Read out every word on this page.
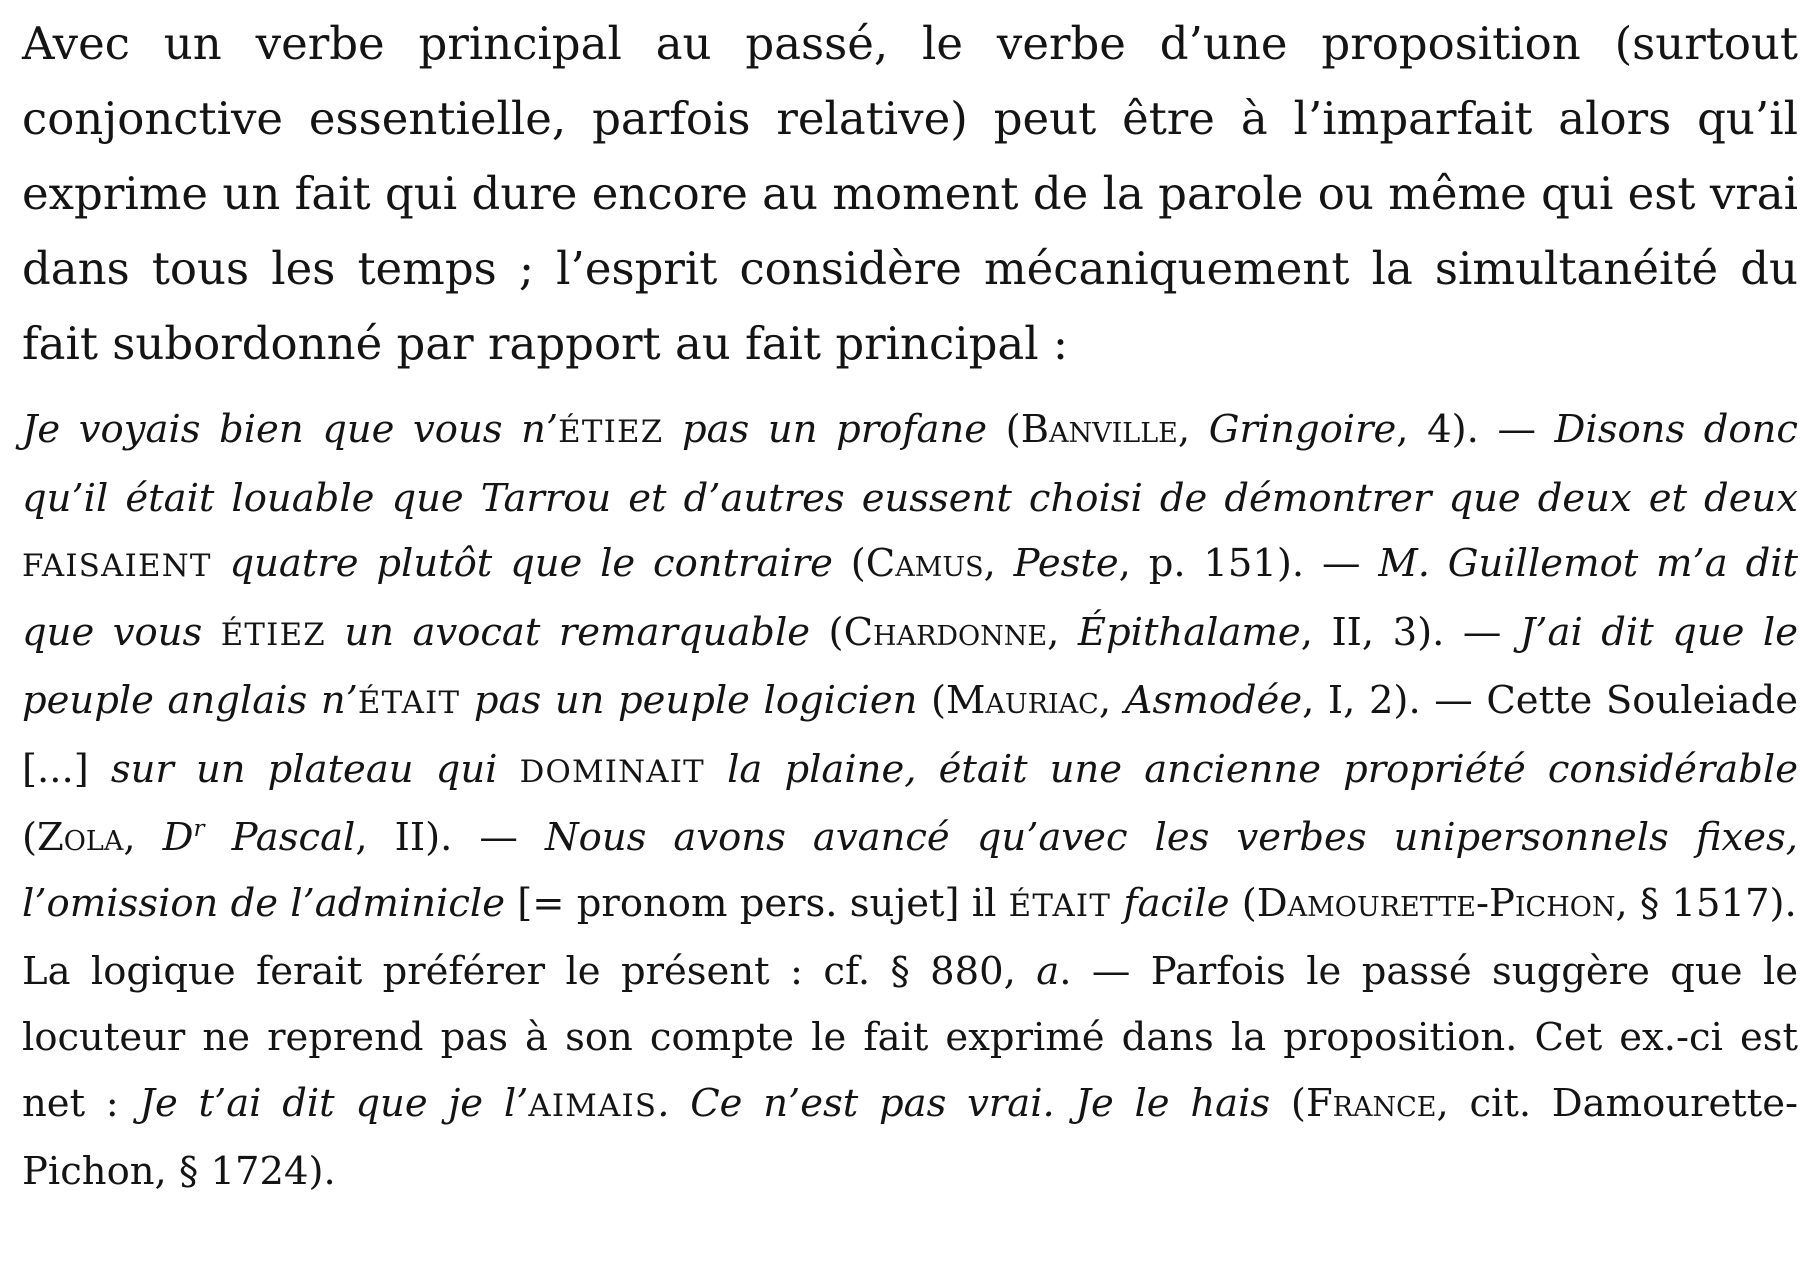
Avec un verbe principal au passé, le verbe d’une proposition (surtout conjonctive essentielle, parfois relative) peut être à l’imparfait alors qu’il exprime un fait qui dure encore au moment de la parole ou même qui est vrai dans tous les temps ; l’esprit considère mécaniquement la simultanéité du fait subordonné par rapport au fait principal :

Je voyais bien que vous n’ÉTIEZ pas un profane (Banville, Gringoire, 4). — Disons donc qu’il était louable que Tarrou et d’autres eussent choisi de démontrer que deux et deux FAISAIENT quatre plutôt que le contraire (Camus, Peste, p. 151). — M. Guillemot m’a dit que vous ÉTIEZ un avocat remarquable (Chardonne, Épithalame, II, 3). — J’ai dit que le peuple anglais n’ÉTAIT pas un peuple logicien (Mauriac, Asmodée, I, 2). — Cette Souleiade [...] sur un plateau qui DOMINAIT la plaine, était une ancienne propriété considérable (Zola, $D^r$ Pascal, II). — Nous avons avancé qu’avec les verbes unipersonnels fixes, l’omission de l’adminicle [= pronom pers. sujet] il ÉTAIT facile (Damourette-Pichon, § 1517).

La logique ferait préférer le présent : cf. § 880, a. — Parfois le passé suggère que le locuteur ne reprend pas à son compte le fait exprimé dans la proposition. Cet ex.-ci est net : Je t’ai dit que je l’AIMAIS. Ce n’est pas vrai. Je le hais (France, cit. Damourette-Pichon, § 1724).
